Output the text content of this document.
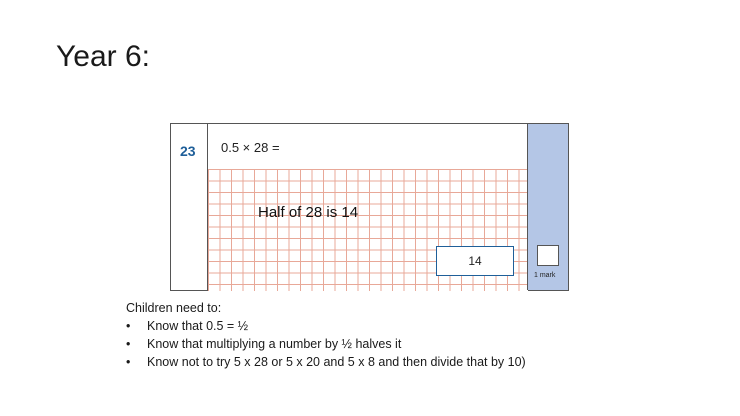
Year 6:
23 0.5 × 28 =
Half of 28 is 14
14
1 mark
Children need to:
• Know that 0.5 = ½
• Know that multiplying a number by ½ halves it
• Know not to try 5 x 28 or 5 x 20 and 5 x 8 and then divide that by 10)
